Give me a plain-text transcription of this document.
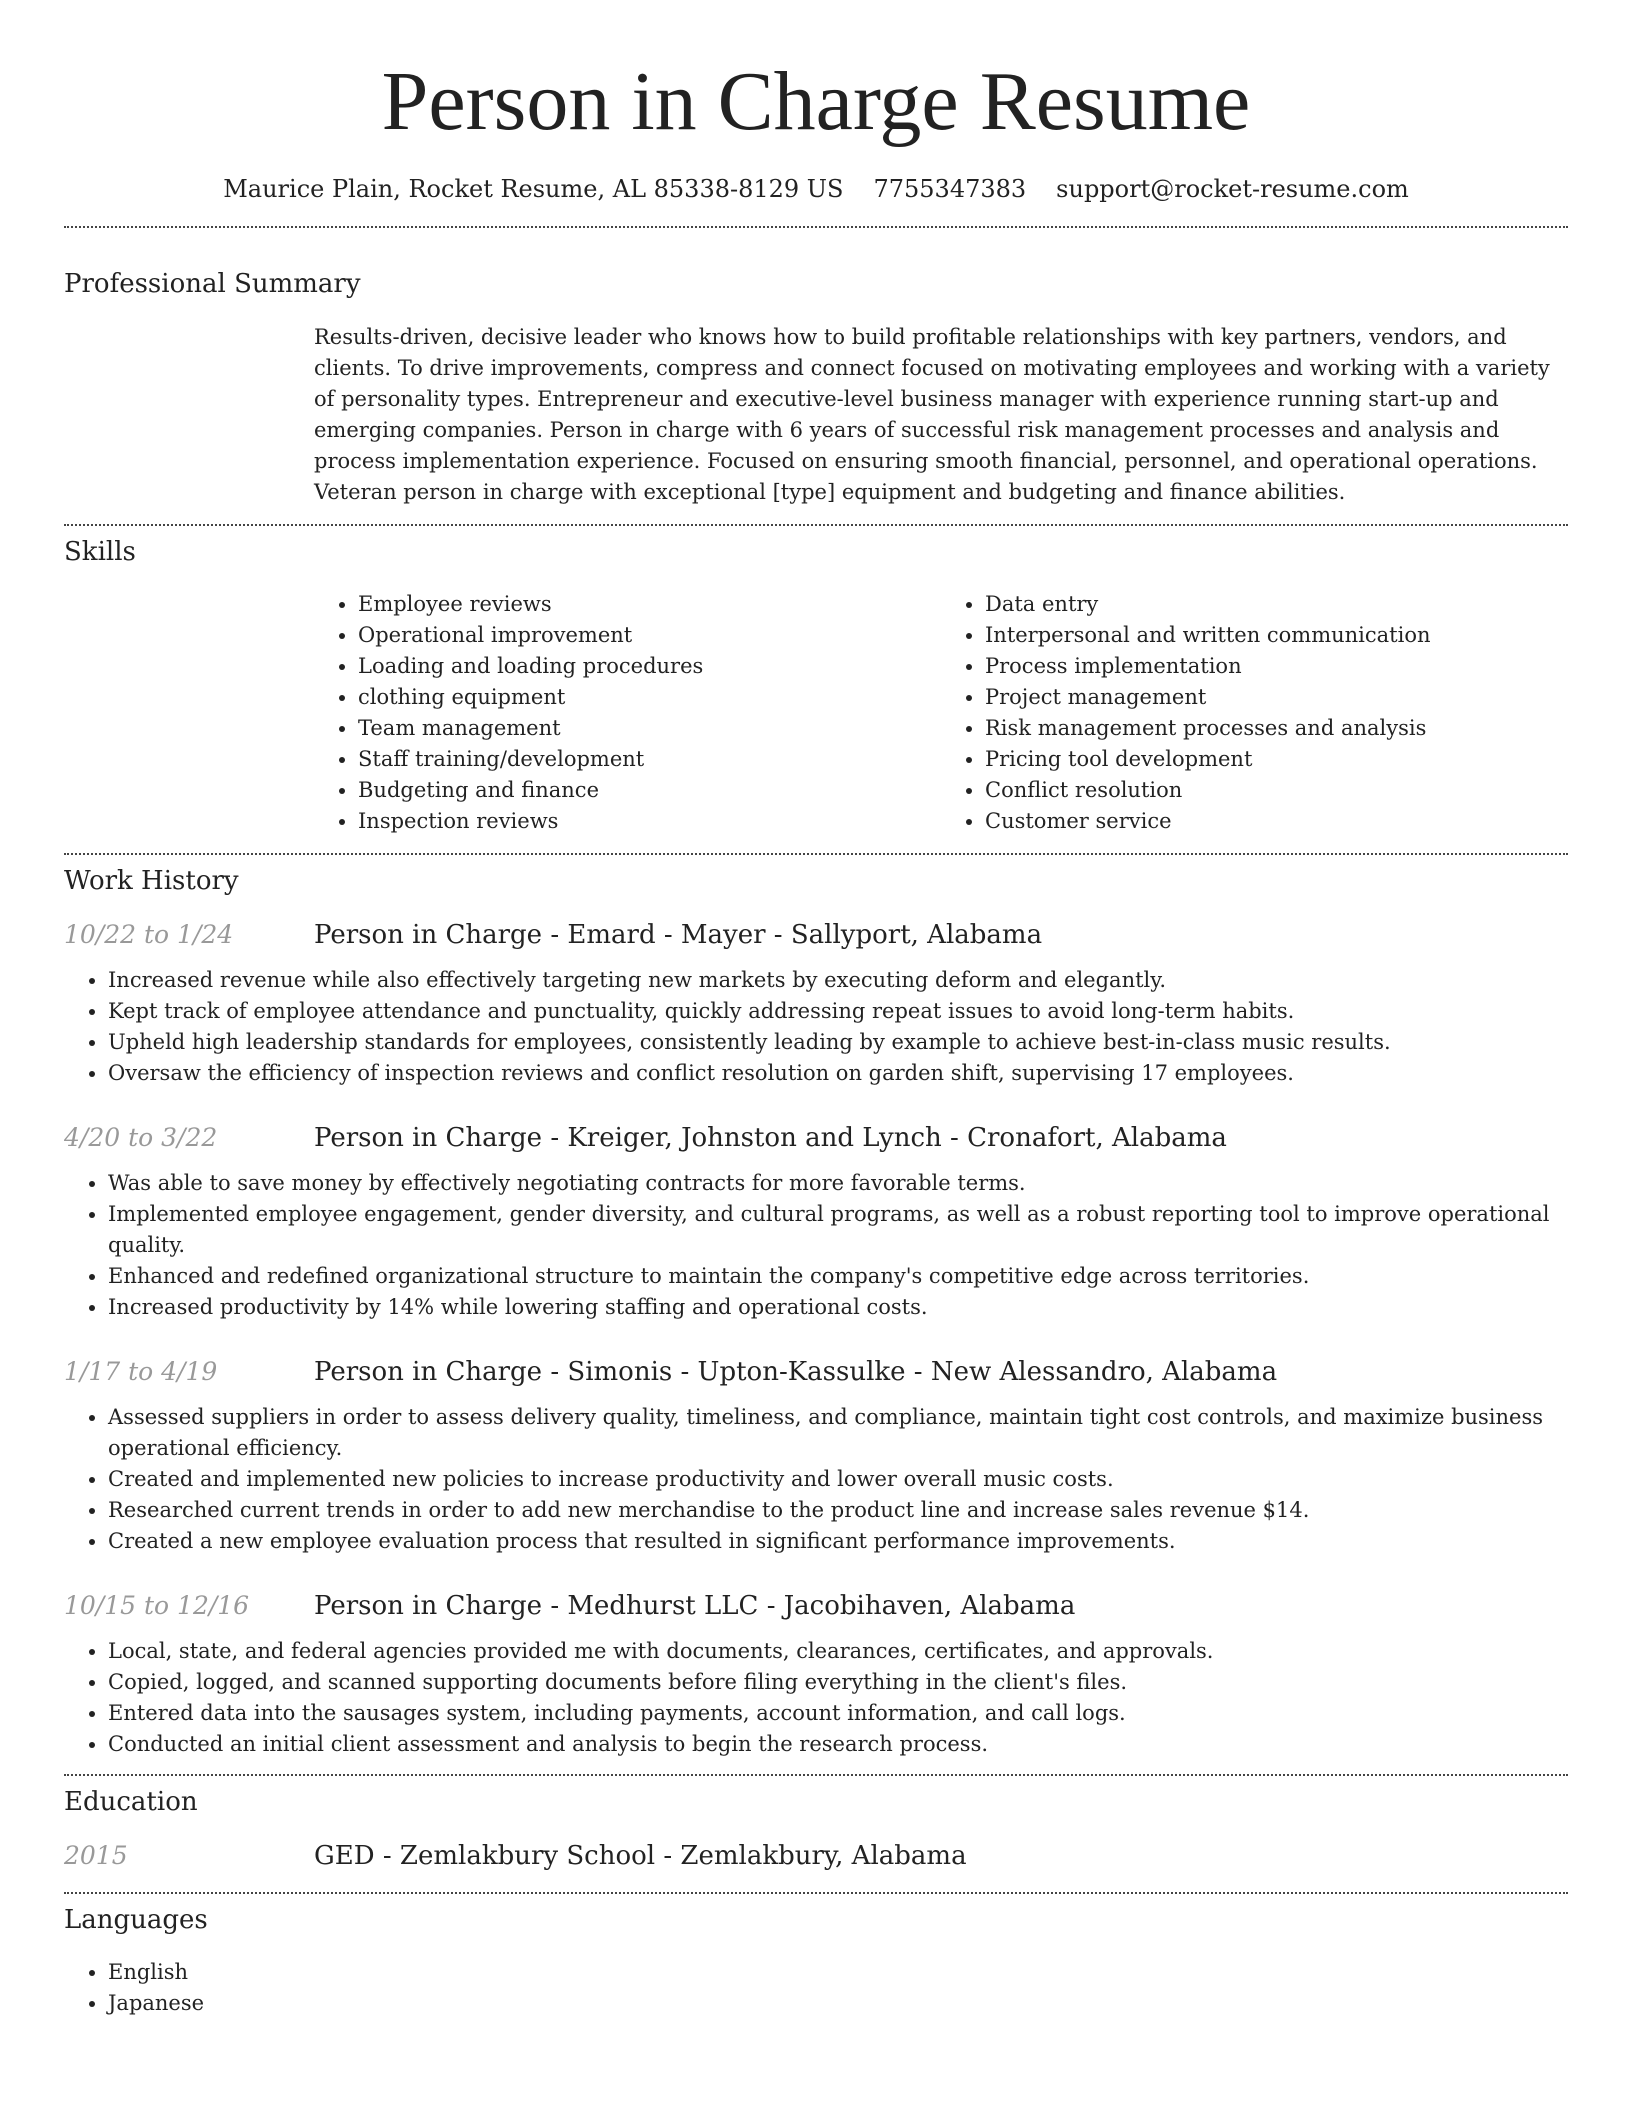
Person in Charge Resume
Maurice Plain, Rocket Resume, AL 85338-8129 US 7755347383 support@rocket-resume.com
Professional Summary
Results-driven, decisive leader who knows how to build profitable relationships with key partners, vendors, and clients. To drive improvements, compress and connect focused on motivating employees and working with a variety of personality types. Entrepreneur and executive-level business manager with experience running start-up and emerging companies. Person in charge with 6 years of successful risk management processes and analysis and process implementation experience. Focused on ensuring smooth financial, personnel, and operational operations. Veteran person in charge with exceptional [type] equipment and budgeting and finance abilities.
Skills
• Employee reviews
• Operational improvement
• Loading and loading procedures
• clothing equipment
• Team management
• Staff training/development
• Budgeting and finance
• Inspection reviews
• Data entry
• Interpersonal and written communication
• Process implementation
• Project management
• Risk management processes and analysis
• Pricing tool development
• Conflict resolution
• Customer service
Work History
10/22 to 1/24	Person in Charge - Emard - Mayer - Sallyport, Alabama
• Increased revenue while also effectively targeting new markets by executing deform and elegantly.
• Kept track of employee attendance and punctuality, quickly addressing repeat issues to avoid long-term habits.
• Upheld high leadership standards for employees, consistently leading by example to achieve best-in-class music results.
• Oversaw the efficiency of inspection reviews and conflict resolution on garden shift, supervising 17 employees.
4/20 to 3/22	Person in Charge - Kreiger, Johnston and Lynch - Cronafort, Alabama
• Was able to save money by effectively negotiating contracts for more favorable terms.
• Implemented employee engagement, gender diversity, and cultural programs, as well as a robust reporting tool to improve operational quality.
• Enhanced and redefined organizational structure to maintain the company's competitive edge across territories.
• Increased productivity by 14% while lowering staffing and operational costs.
1/17 to 4/19	Person in Charge - Simonis - Upton-Kassulke - New Alessandro, Alabama
• Assessed suppliers in order to assess delivery quality, timeliness, and compliance, maintain tight cost controls, and maximize business operational efficiency.
• Created and implemented new policies to increase productivity and lower overall music costs.
• Researched current trends in order to add new merchandise to the product line and increase sales revenue $14.
• Created a new employee evaluation process that resulted in significant performance improvements.
10/15 to 12/16	Person in Charge - Medhurst LLC - Jacobihaven, Alabama
• Local, state, and federal agencies provided me with documents, clearances, certificates, and approvals.
• Copied, logged, and scanned supporting documents before filing everything in the client's files.
• Entered data into the sausages system, including payments, account information, and call logs.
• Conducted an initial client assessment and analysis to begin the research process.
Education
2015	GED - Zemlakbury School - Zemlakbury, Alabama
Languages
• English
• Japanese
